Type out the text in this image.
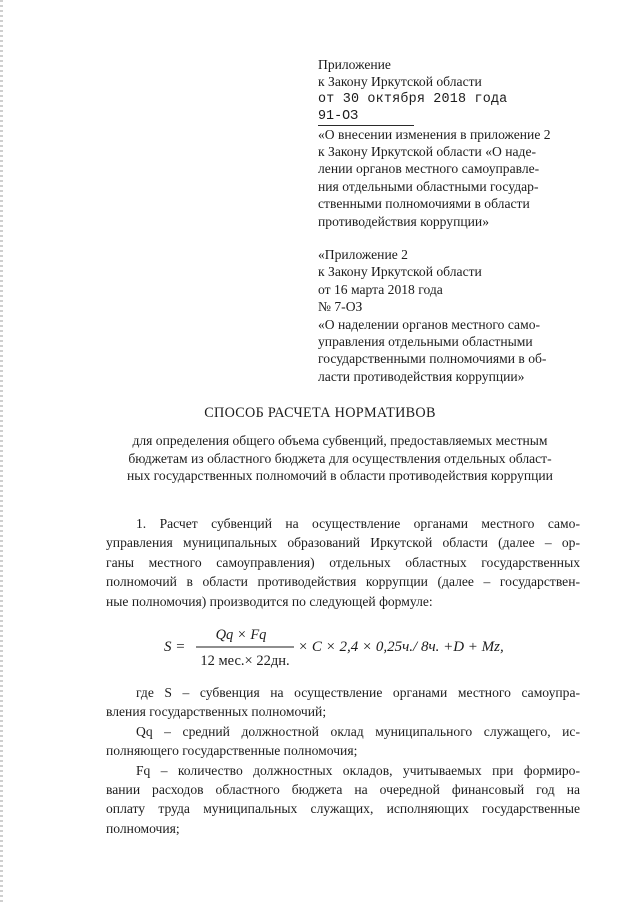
Приложение
к Закону Иркутской области
от 30 октября 2018 года
91-ОЗ
«О внесении изменения в приложение 2
к Закону Иркутской области «О наде-
лении органов местного самоуправле-
ния отдельными областными государ-
ственными полномочиями в области
противодействия коррупции»
«Приложение 2
к Закону Иркутской области
от 16 марта 2018 года
№ 7-ОЗ
«О наделении органов местного само-
управления отдельными областными
государственными полномочиями в об-
ласти противодействия коррупции»
СПОСОБ РАСЧЕТА НОРМАТИВОВ
для определения общего объема субвенций, предоставляемых местным
бюджетам из областного бюджета для осуществления отдельных област-
ных государственных полномочий в области противодействия коррупции
1. Расчет субвенций на осуществление органами местного само-
управления муниципальных образований Иркутской области (далее – ор-
ганы местного самоуправления) отдельных областных государственных
полномочий в области противодействия коррупции (далее – государствен-
ные полномочия) производится по следующей формуле:
S =
Qq × Fq
12 мес.× 22дн.
× C × 2,4 × 0,25ч./ 8ч. +D + Mz,
где S – субвенция на осуществление органами местного самоупра-
вления государственных полномочий;
Qq – средний должностной оклад муниципального служащего, ис-
полняющего государственные полномочия;
Fq – количество должностных окладов, учитываемых при формиро-
вании расходов областного бюджета на очередной финансовый год на
оплату труда муниципальных служащих, исполняющих государственные
полномочия;
